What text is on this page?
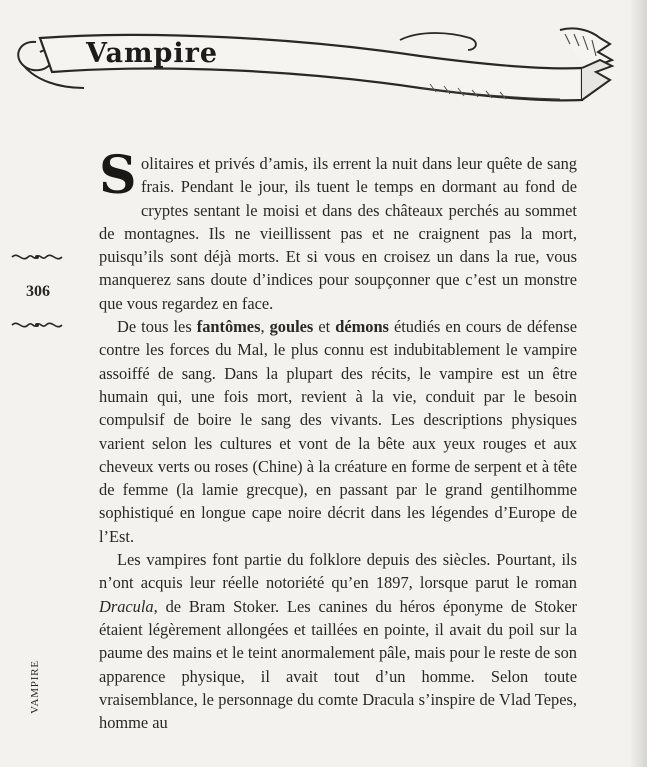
Vampire
306
VAMPIRE

S olitaires et privés d’amis, ils errent la nuit dans leur quête de sang frais. Pendant le jour, ils tuent le temps en dormant au fond de cryptes sentant le moisi et dans des châteaux perchés au sommet de montagnes. Ils ne vieillissent pas et ne craignent pas la mort, puisqu’ils sont déjà morts. Et si vous en croisez un dans la rue, vous manquerez sans doute d’indices pour soupçonner que c’est un monstre que vous regardez en face.

De tous les fantômes, goules et démons étudiés en cours de défense contre les forces du Mal, le plus connu est indubitablement le vampire assoiffé de sang. Dans la plupart des récits, le vampire est un être humain qui, une fois mort, revient à la vie, conduit par le besoin compulsif de boire le sang des vivants. Les descriptions physiques varient selon les cultures et vont de la bête aux yeux rouges et aux cheveux verts ou roses (Chine) à la créature en forme de serpent et à tête de femme (la lamie grecque), en passant par le grand gentilhomme sophistiqué en longue cape noire décrit dans les légendes d’Europe de l’Est.

Les vampires font partie du folklore depuis des siècles. Pourtant, ils n’ont acquis leur réelle notoriété qu’en 1897, lorsque parut le roman Dracula, de Bram Stoker. Les canines du héros éponyme de Stoker étaient légèrement allongées et taillées en pointe, il avait du poil sur la paume des mains et le teint anormalement pâle, mais pour le reste de son apparence physique, il avait tout d’un homme. Selon toute vraisemblance, le personnage du comte Dracula s’inspire de Vlad Tepes, homme au
